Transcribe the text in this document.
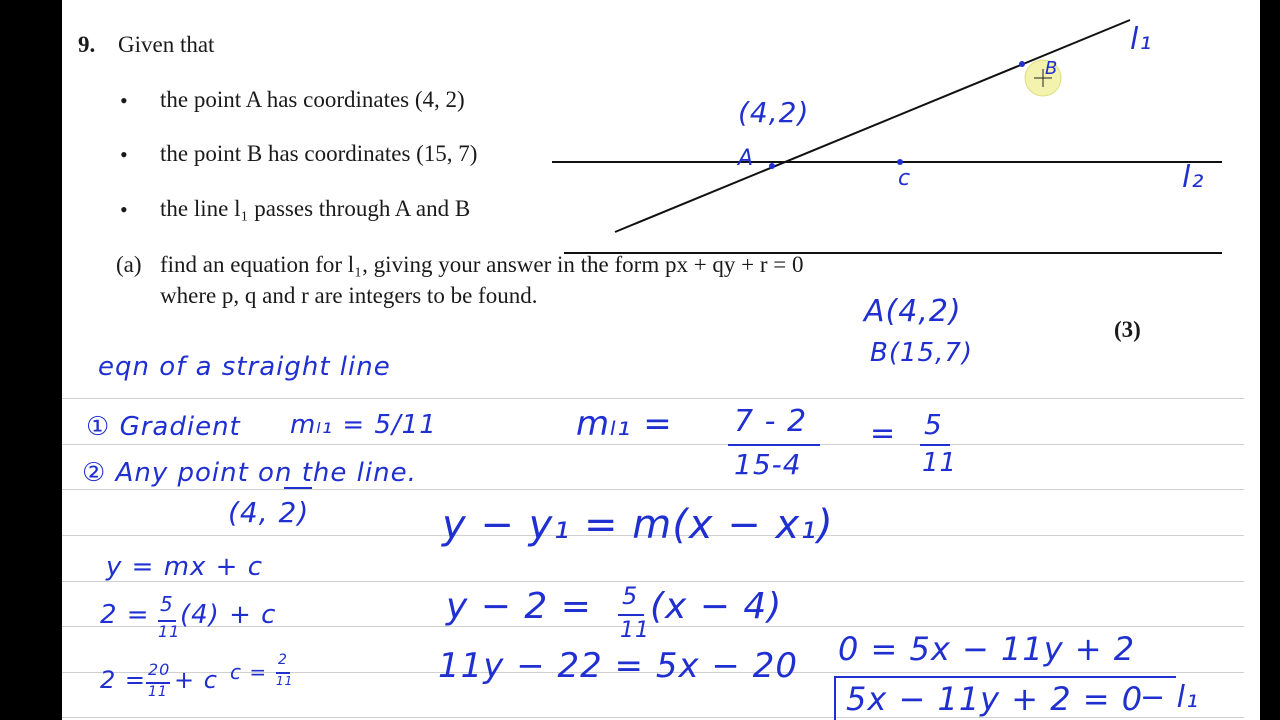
9. Given that
• the point A has coordinates (4, 2)
• the point B has coordinates (15, 7)
• the line l₁ passes through A and B
(a) find an equation for l₁, giving your answer in the form px + qy + r = 0
where p, q and r are integers to be found.
(3)
l₁
l₂
(4,2)
A
B
c
A(4,2)
B(15,7)
eqn of a straight line
① Gradient mₗ₁ = 5/11
② Any point on the line.
(4, 2)
y = mx + c
2 = 5
11
(4) + c
2 = 20
11 + c c = 2
11
mₗ₁ = 7 - 2
15-4
= 5
11
y − y₁ = m(x − x₁)
y − 2 = 5
11
(x − 4)
11y − 22 = 5x − 20 0 = 5x − 11y + 2
5x − 11y + 2 = 0
− l₁
